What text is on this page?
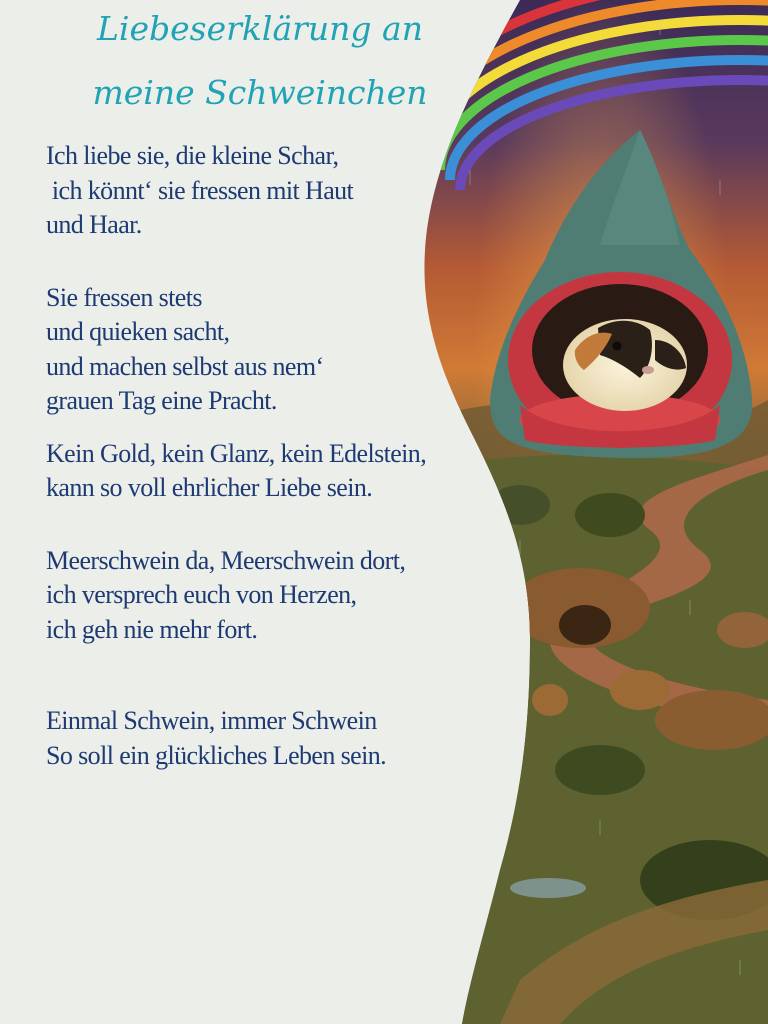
Liebeserklärung an
meine Schweinchen

Ich liebe sie, die kleine Schar,
ich könnt‘ sie fressen mit Haut
und Haar.

Sie fressen stets
und quieken sacht,
und machen selbst aus nem‘
grauen Tag eine Pracht.

Kein Gold, kein Glanz, kein Edelstein,
kann so voll ehrlicher Liebe sein.

Meerschwein da, Meerschwein dort,
ich versprech euch von Herzen,
ich geh nie mehr fort.

Einmal Schwein, immer Schwein
So soll ein glückliches Leben sein.
